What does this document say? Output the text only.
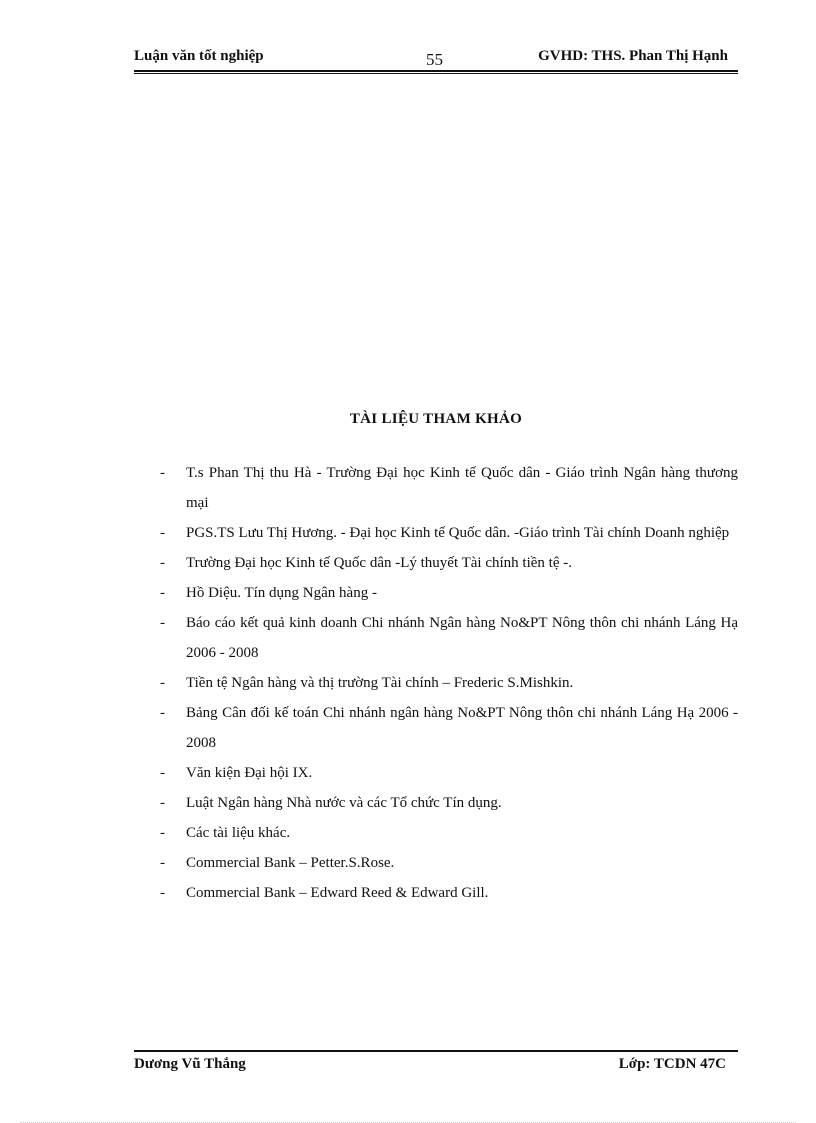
Luận văn tốt nghiệp	55	GVHD: THS. Phan Thị Hạnh
TÀI LIỆU THAM KHẢO
- T.s Phan Thị thu Hà - Trường Đại học Kinh tế Quốc dân - Giáo trình Ngân hàng thương mại
- PGS.TS Lưu Thị Hương. - Đại học Kinh tế Quốc dân. -Giáo trình Tài chính Doanh nghiệp
- Trường Đại học Kinh tế Quốc dân -Lý thuyết Tài chính tiền tệ -.
- Hồ Diệu. Tín dụng Ngân hàng -
- Báo cáo kết quả kinh doanh Chi nhánh Ngân hàng No&PT Nông thôn chi nhánh Láng Hạ 2006 - 2008
- Tiền tệ Ngân hàng và thị trường Tài chính – Frederic S.Mishkin.
- Bảng Cân đối kế toán Chi nhánh ngân hàng No&PT Nông thôn chi nhánh Láng Hạ 2006 - 2008
- Văn kiện Đại hội IX.
- Luật Ngân hàng Nhà nước và các Tổ chức Tín dụng.
- Các tài liệu khác.
- Commercial Bank – Petter.S.Rose.
- Commercial Bank – Edward Reed & Edward Gill.
Dương Vũ Thắng	Lớp: TCDN 47C
